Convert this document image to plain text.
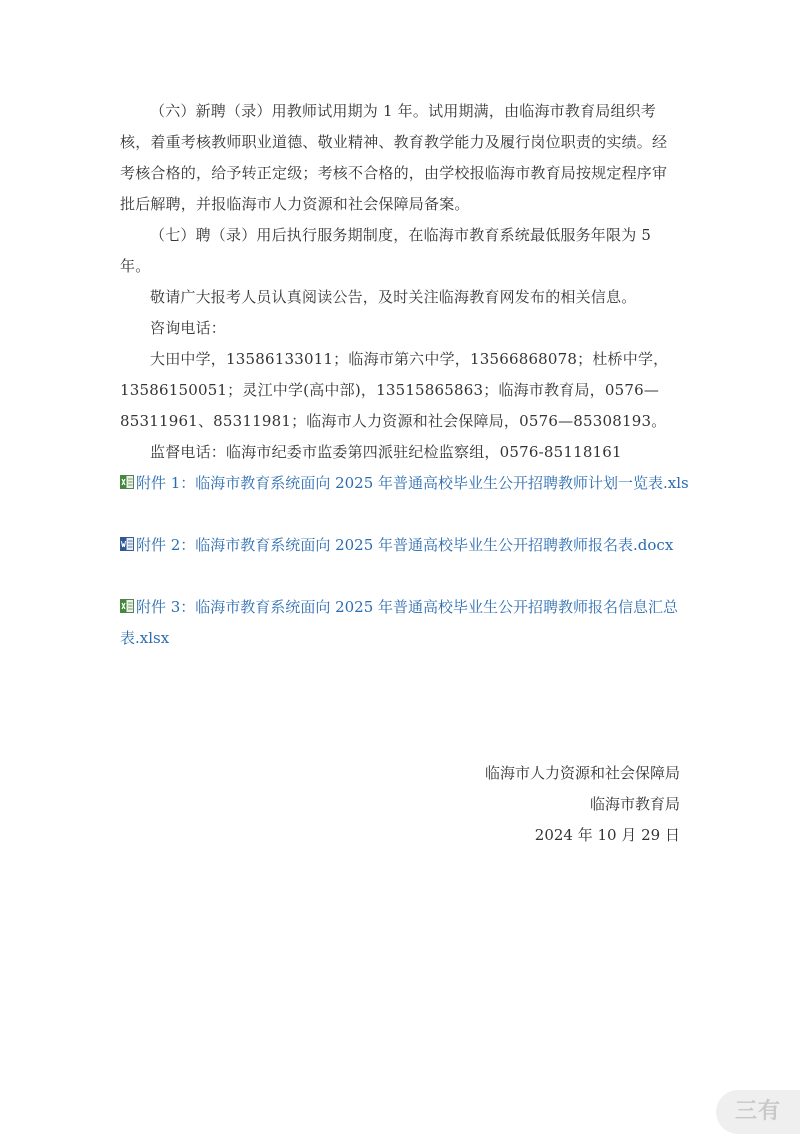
（六）新聘（录）用教师试用期为 1 年。试用期满，由临海市教育局组织考核，着重考核教师职业道德、敬业精神、教育教学能力及履行岗位职责的实绩。经考核合格的，给予转正定级；考核不合格的，由学校报临海市教育局按规定程序审批后解聘，并报临海市人力资源和社会保障局备案。

（七）聘（录）用后执行服务期制度，在临海市教育系统最低服务年限为 5 年。

敬请广大报考人员认真阅读公告，及时关注临海教育网发布的相关信息。

咨询电话：

大田中学，13586133011；临海市第六中学，13566868078；杜桥中学，13586150051；灵江中学(高中部)，13515865863；临海市教育局，0576—85311961、85311981；临海市人力资源和社会保障局，0576—85308193。

监督电话：临海市纪委市监委第四派驻纪检监察组，0576-85118161

附件 1：临海市教育系统面向 2025 年普通高校毕业生公开招聘教师计划一览表.xls
附件 2：临海市教育系统面向 2025 年普通高校毕业生公开招聘教师报名表.docx
附件 3：临海市教育系统面向 2025 年普通高校毕业生公开招聘教师报名信息汇总表.xlsx
临海市人力资源和社会保障局
临海市教育局
2024 年 10 月 29 日
三有
